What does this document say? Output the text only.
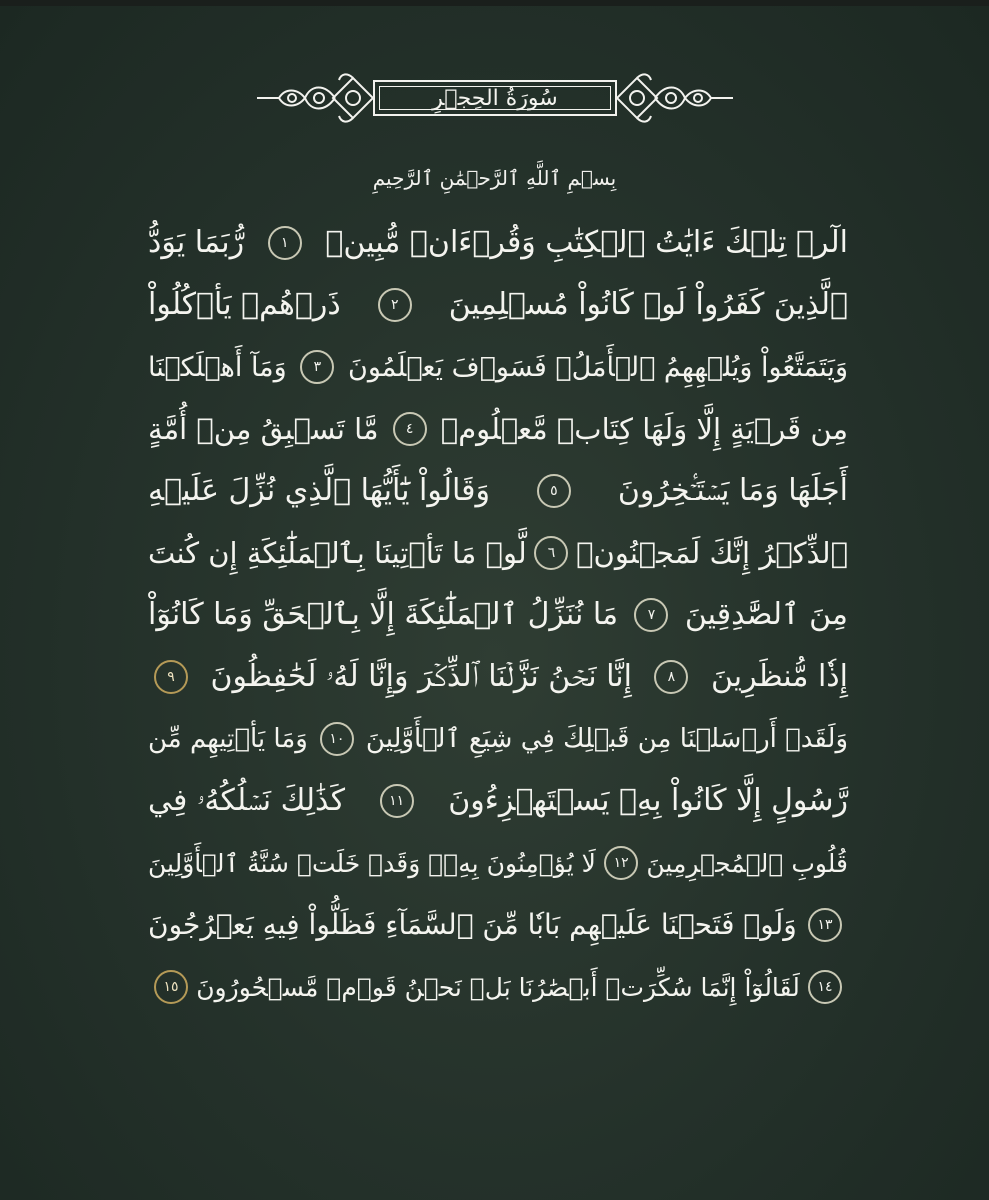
سُورَةُ الحِجۡرِ
بِسۡمِ ٱللَّهِ ٱلرَّحۡمَٰنِ ٱلرَّحِيمِ
الٓرۚ تِلۡكَ ءَايَٰتُ ٱلۡكِتَٰبِ وَقُرۡءَانٖ مُّبِينٖ
١
رُّبَمَا يَوَدُّ
ٱلَّذِينَ كَفَرُواْ لَوۡ كَانُواْ مُسۡلِمِينَ
٢
ذَرۡهُمۡ يَأۡكُلُواْ
وَيَتَمَتَّعُواْ وَيُلۡهِهِمُ ٱلۡأَمَلُۖ فَسَوۡفَ يَعۡلَمُونَ
٣
وَمَآ أَهۡلَكۡنَا
مِن قَرۡيَةٍ إِلَّا وَلَهَا كِتَابٞ مَّعۡلُومٞ
٤
مَّا تَسۡبِقُ مِنۡ أُمَّةٍ
أَجَلَهَا وَمَا يَسۡتَـٔۡخِرُونَ
٥
وَقَالُواْ يَٰٓأَيُّهَا ٱلَّذِي نُزِّلَ عَلَيۡهِ
ٱلذِّكۡرُ إِنَّكَ لَمَجۡنُونٞ
٦
لَّوۡ مَا تَأۡتِينَا بِٱلۡمَلَٰٓئِكَةِ إِن كُنتَ
مِنَ ٱلصَّٰدِقِينَ
٧
مَا نُنَزِّلُ ٱلۡمَلَٰٓئِكَةَ إِلَّا بِٱلۡحَقِّ وَمَا كَانُوٓاْ
إِذٗا مُّنظَرِينَ
٨
إِنَّا نَحۡنُ نَزَّلۡنَا ٱلذِّكۡرَ وَإِنَّا لَهُۥ لَحَٰفِظُونَ
٩
وَلَقَدۡ أَرۡسَلۡنَا مِن قَبۡلِكَ فِي شِيَعِ ٱلۡأَوَّلِينَ
١٠
وَمَا يَأۡتِيهِم مِّن
رَّسُولٍ إِلَّا كَانُواْ بِهِۦ يَسۡتَهۡزِءُونَ
١١
كَذَٰلِكَ نَسۡلُكُهُۥ فِي
قُلُوبِ ٱلۡمُجۡرِمِينَ
١٢
لَا يُؤۡمِنُونَ بِهِۦۖ وَقَدۡ خَلَتۡ سُنَّةُ ٱلۡأَوَّلِينَ
١٣
وَلَوۡ فَتَحۡنَا عَلَيۡهِم بَابٗا مِّنَ ٱلسَّمَآءِ فَظَلُّواْ فِيهِ يَعۡرُجُونَ
١٤
لَقَالُوٓاْ إِنَّمَا سُكِّرَتۡ أَبۡصَٰرُنَا بَلۡ نَحۡنُ قَوۡمٞ مَّسۡحُورُونَ
١٥
